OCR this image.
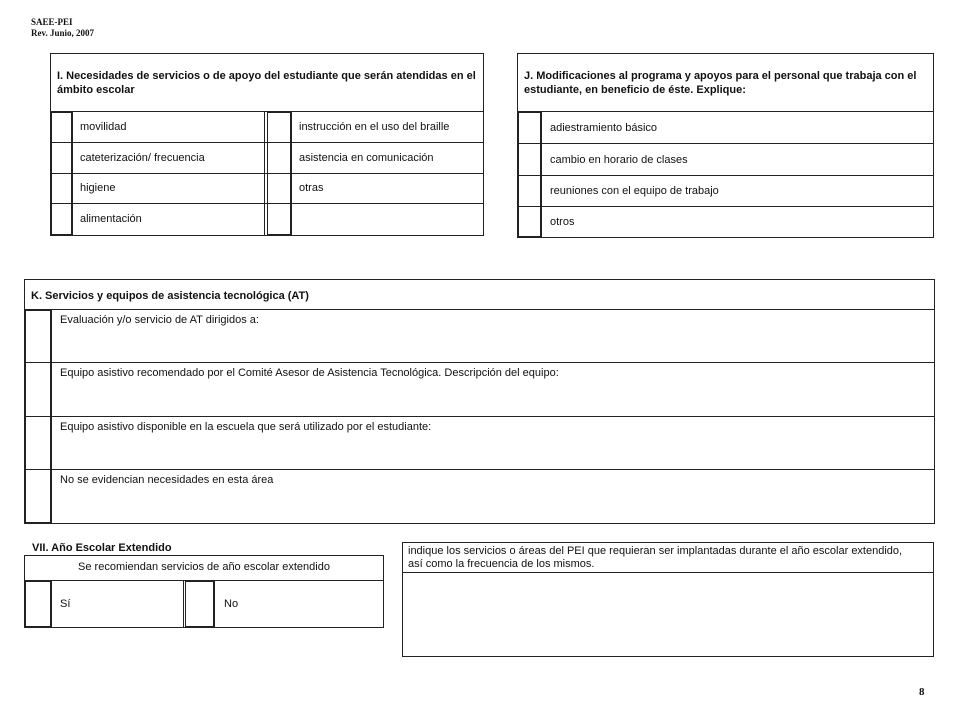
SAEE-PEI
Rev. Junio, 2007
I. Necesidades de servicios o de apoyo del estudiante que serán atendidas en el ámbito escolar
movilidad
cateterización/ frecuencia
higiene
alimentación
instrucción en el uso del braille
asistencia en comunicación
otras
J. Modificaciones al programa y apoyos para el personal que trabaja con el estudiante, en beneficio de éste. Explique:
adiestramiento básico
cambio en horario de clases
reuniones con el equipo de trabajo
otros
K. Servicios y equipos de asistencia tecnológica (AT)
Evaluación y/o servicio de AT dirigidos a:
Equipo asistivo recomendado por el Comité Asesor de Asistencia Tecnológica. Descripción del equipo:
Equipo asistivo disponible en la escuela que será utilizado por el estudiante:
No se evidencian necesidades en esta área
VII. Año Escolar Extendido
Se recomiendan servicios de año escolar extendido
Sí	No
indique los servicios o áreas del PEI que requieran ser implantadas durante el año escolar extendido, así como la frecuencia de los mismos.
8
